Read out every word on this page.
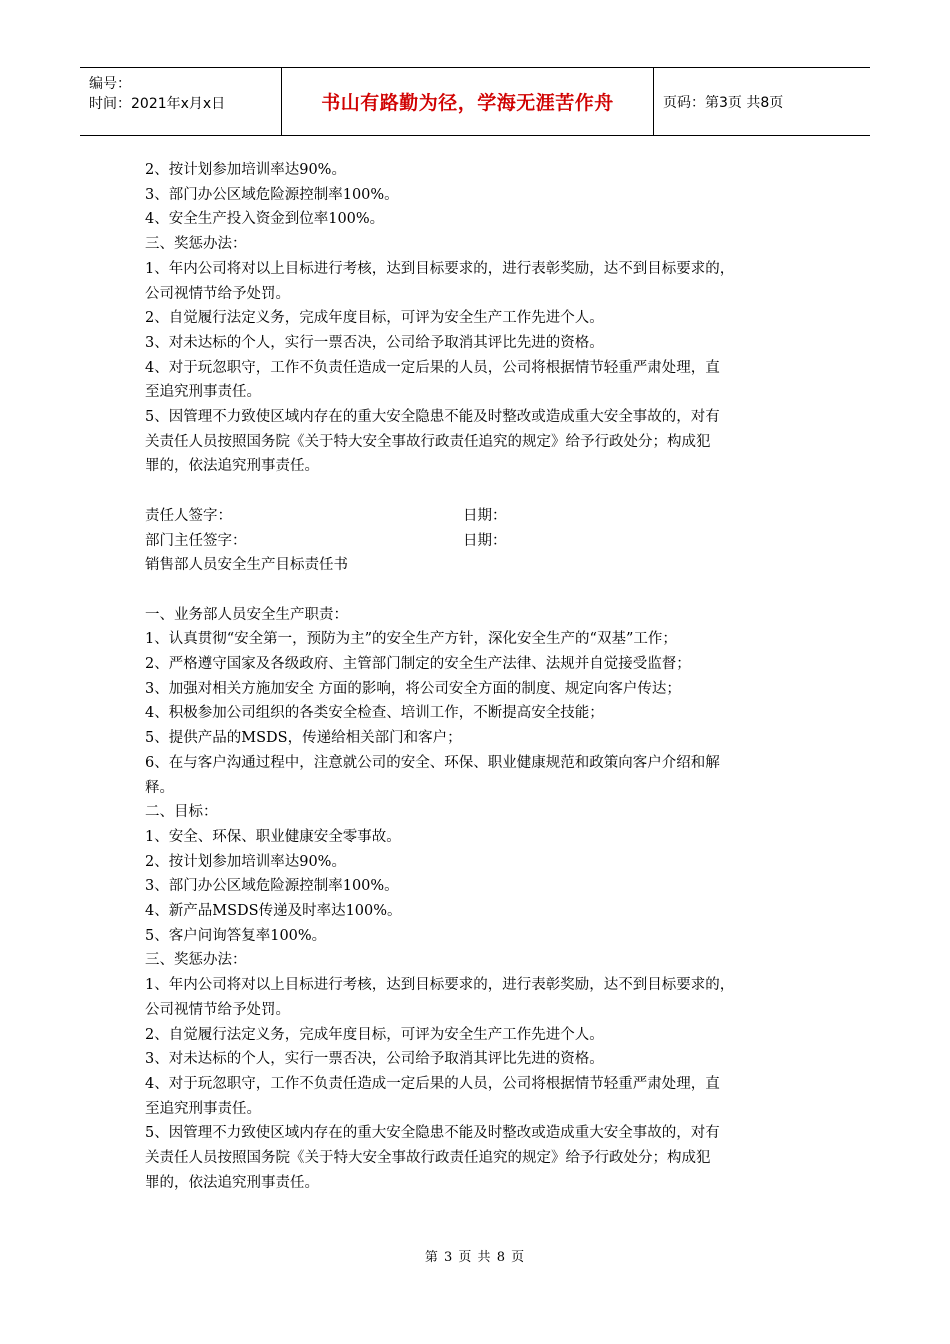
编号：
时间：2021年x月x日	书山有路勤为径，学海无涯苦作舟	页码：第3页 共8页

2、按计划参加培训率达90%。

3、部门办公区域危险源控制率100%。

4、安全生产投入资金到位率100%。

三、奖惩办法：

1、年内公司将对以上目标进行考核，达到目标要求的，进行表彰奖励，达不到目标要求的，

公司视情节给予处罚。

2、自觉履行法定义务，完成年度目标，可评为安全生产工作先进个人。

3、对未达标的个人，实行一票否决，公司给予取消其评比先进的资格。

4、对于玩忽职守，工作不负责任造成一定后果的人员，公司将根据情节轻重严肃处理，直

至追究刑事责任。

5、因管理不力致使区域内存在的重大安全隐患不能及时整改或造成重大安全事故的，对有

关责任人员按照国务院《关于特大安全事故行政责任追究的规定》给予行政处分；构成犯

罪的，依法追究刑事责任。

责任人签字：	日期：
部门主任签字：	日期：

销售部人员安全生产目标责任书

一、业务部人员安全生产职责：

1、认真贯彻“安全第一，预防为主”的安全生产方针，深化安全生产的“双基”工作；

2、严格遵守国家及各级政府、主管部门制定的安全生产法律、法规并自觉接受监督；

3、加强对相关方施加安全 方面的影响，将公司安全方面的制度、规定向客户传达；

4、积极参加公司组织的各类安全检查、培训工作，不断提高安全技能；

5、提供产品的MSDS，传递给相关部门和客户；

6、在与客户沟通过程中，注意就公司的安全、环保、职业健康规范和政策向客户介绍和解

释。

二、目标：

1、安全、环保、职业健康安全零事故。

2、按计划参加培训率达90%。

3、部门办公区域危险源控制率100%。

4、新产品MSDS传递及时率达100%。

5、客户问询答复率100%。

三、奖惩办法：

1、年内公司将对以上目标进行考核，达到目标要求的，进行表彰奖励，达不到目标要求的，

公司视情节给予处罚。

2、自觉履行法定义务，完成年度目标，可评为安全生产工作先进个人。

3、对未达标的个人，实行一票否决，公司给予取消其评比先进的资格。

4、对于玩忽职守，工作不负责任造成一定后果的人员，公司将根据情节轻重严肃处理，直

至追究刑事责任。

5、因管理不力致使区域内存在的重大安全隐患不能及时整改或造成重大安全事故的，对有

关责任人员按照国务院《关于特大安全事故行政责任追究的规定》给予行政处分；构成犯

罪的，依法追究刑事责任。

第 3 页 共 8 页
